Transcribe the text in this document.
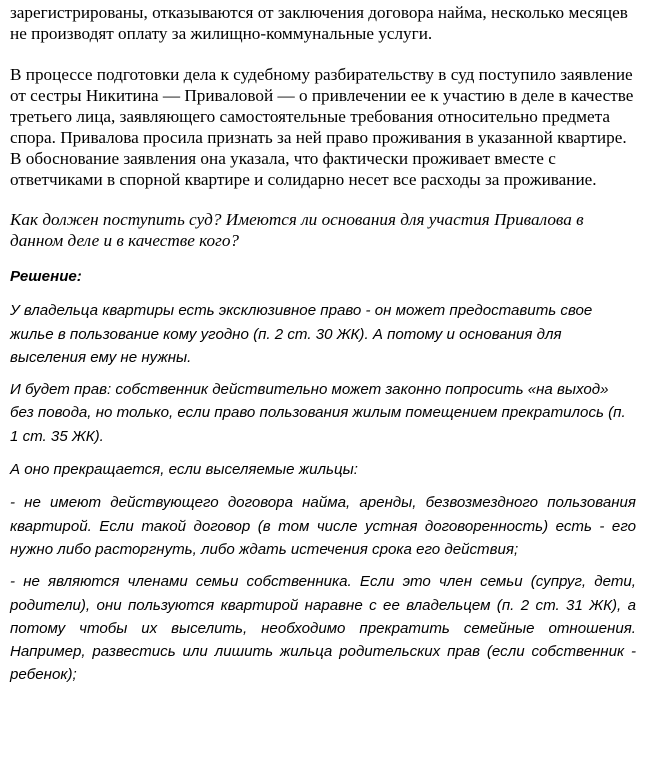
зарегистрированы, отказываются от заключения договора найма, несколько месяцев не производят оплату за жилищно-коммунальные услуги.

В процессе подготовки дела к судебному разбирательству в суд поступило заявление от сестры Никитина — Приваловой — о привлечении ее к участию в деле в качестве третьего лица, заявляющего самостоятельные требования относительно предмета спора. Привалова просила признать за ней право проживания в указанной квартире. В обоснование заявления она указала, что фактически проживает вместе с ответчиками в спорной квартире и солидарно несет все расходы за проживание.

Как должен поступить суд? Имеются ли основания для участия Привалова в данном деле и в качестве кого?

Решение:

У владельца квартиры есть эксклюзивное право - он может предоставить свое жилье в пользование кому угодно (п. 2 ст. 30 ЖК). А потому и основания для выселения ему не нужны.

И будет прав: собственник действительно может законно попросить «на выход» без повода, но только, если право пользования жилым помещением прекратилось (п. 1 ст. 35 ЖК).

А оно прекращается, если выселяемые жильцы:

- не имеют действующего договора найма, аренды, безвозмездного пользования квартирой. Если такой договор (в том числе устная договоренность) есть - его нужно либо расторгнуть, либо ждать истечения срока его действия;

- не являются членами семьи собственника. Если это член семьи (супруг, дети, родители), они пользуются квартирой наравне с ее владельцем (п. 2 ст. 31 ЖК), а потому чтобы их выселить, необходимо прекратить семейные отношения. Например, развестись или лишить жильца родительских прав (если собственник - ребенок);
